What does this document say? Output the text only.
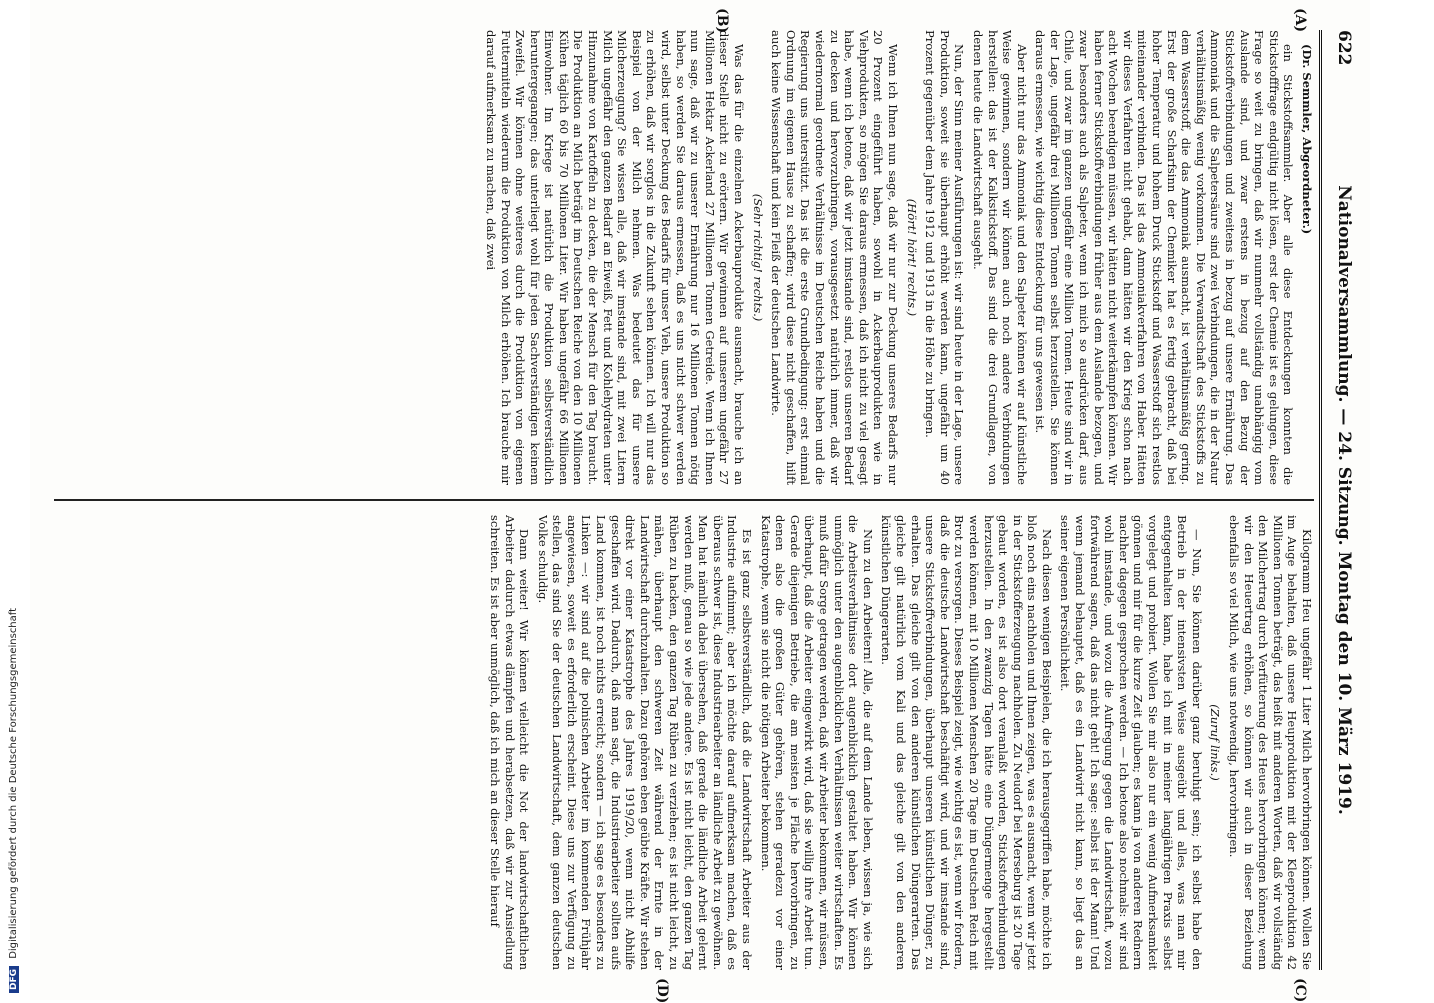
622
Nationalversammlung. — 24. Sitzung. Montag den 10. März 1919.
(A)
(B)
(C)
(D)

(Dr. Semmler, Abgeordneter.)

ein Stickstoffsammler. Aber alle diese Entdeckungen konnten die Stickstofffrage endgültig nicht lösen, erst der Chemie ist es gelungen, diese Frage so weit zu bringen, daß wir nunmehr vollständig unabhängig vom Auslande sind, und zwar erstens in bezug auf den Bezug der Stickstoffverbindungen und zweitens in bezug auf unsere Ernährung. Das Ammoniak und die Salpetersäure sind zwei Verbindungen, die in der Natur verhältnismäßig wenig vorkommen. Die Verwandtschaft des Stickstoffs zu dem Wasserstoff, die das Ammoniak ausmacht, ist verhältnismäßig gering. Erst der große Scharfsinn der Chemiker hat es fertig gebracht, daß bei hoher Temperatur und hohem Druck Stickstoff und Wasserstoff sich restlos miteinander verbinden. Das ist das Ammoniakverfahren von Haber. Hätten wir dieses Verfahren nicht gehabt, dann hätten wir den Krieg schon nach acht Wochen beendigen müssen, wir hätten nicht weiterkämpfen können. Wir haben ferner Stickstoffverbindungen früher aus dem Auslande bezogen, und zwar besonders auch als Salpeter, wenn ich mich so ausdrücken darf, aus Chile, und zwar im ganzen ungefähr eine Million Tonnen. Heute sind wir in der Lage, ungefähr drei Millionen Tonnen selbst herzustellen. Sie können daraus ermessen, wie wichtig diese Entdeckung für uns gewesen ist.

Aber nicht nur das Ammoniak und den Salpeter können wir auf künstliche Weise gewinnen, sondern wir können auch noch andere Verbindungen herstellen: das ist der Kalkstickstoff. Das sind die drei Grundlagen, von denen heute die Landwirtschaft ausgeht.

Nun, der Sinn meiner Ausführungen ist: wir sind heute in der Lage, unsere Produktion, soweit sie überhaupt erhöht werden kann, ungefähr um 40 Prozent gegenüber dem Jahre 1912 und 1913 in die Höhe zu bringen.

(Hört! hört! rechts.)

Wenn ich Ihnen nun sage, daß wir nur zur Deckung unseres Bedarfs nur 20 Prozent eingeführt haben, sowohl in Ackerbauprodukten wie in Viehprodukten, so mögen Sie daraus ermessen, daß ich nicht zu viel gesagt habe, wenn ich betone, daß wir jetzt imstande sind, restlos unseren Bedarf zu decken und hervorzubringen, vorausgesetzt natürlich immer, daß wir wiedernormal geordnete Verhältnisse im Deutschen Reiche haben und die Regierung uns unterstützt. Das ist die erste Grundbedingung: erst einmal Ordnung im eigenen Hause zu schaffen; wird diese nicht geschaffen, hilft auch keine Wissenschaft und kein Fleiß der deutschen Landwirte.

(Sehr richtig! rechts.)

Was das für die einzelnen Ackerbauprodukte ausmacht, brauche ich an dieser Stelle nicht zu erörtern. Wir gewinnen auf unserem ungefähr 27 Millionen Hektar Ackerland 27 Millionen Tonnen Getreide. Wenn ich Ihnen nun sage, daß wir zu unserer Ernährung nur 16 Millionen Tonnen nötig haben, so werden Sie daraus ermessen, daß es uns nicht schwer werden wird, selbst unter Deckung des Bedarfs für unser Vieh, unsere Produktion so zu erhöhen, daß wir sorglos in die Zukunft sehen können. Ich will nur das Beispiel von der Milch nehmen. Was bedeutet das für unsere Milcherzeugung? Sie wissen alle, daß wir imstande sind, mit zwei Litern Milch ungefähr den ganzen Bedarf an Eiweiß, Fett und Kohlehydraten unter Hinzunahme von Kartoffeln zu decken, die der Mensch für den Tag braucht. Die Produktion an Milch beträgt im Deutschen Reiche von den 10 Millionen Kühen täglich 60 bis 70 Millionen Liter. Wir haben ungefähr 66 Millionen Einwohner. Im Kriege ist natürlich die Produktion selbstverständlich heruntergegangen; das unterliegt wohl für jeden Sachverständigen keinem Zweifel. Wir können ohne weiteres durch die Produktion von eigenen Futtermitteln wiederum die Produktion von Milch erhöhen. Ich brauche mir darauf aufmerksam zu machen, daß zwei

Kilogramm Heu ungefähr 1 Liter Milch hervorbringen können. Wollen Sie im Auge behalten, daß unsere Heuproduktion mit der Kleeproduktion 42 Millionen Tonnen beträgt, das heißt mit anderen Worten, daß wir vollständig den Milchertrag durch Verfütterung des Heues hervorbringen können; wenn wir den Heuertrag erhöhen, so können wir auch in dieser Beziehung ebenfalls so viel Milch, wie uns notwendig, hervorbringen.

(Zuruf links.)

— Nun, Sie können darüber ganz beruhigt sein; ich selbst habe den Betrieb in der intensivsten Weise ausgeübt und alles, was man mir entgegenhalten kann, habe ich mit in meiner langjährigen Praxis selbst vorgelegt und probiert. Wollen Sie mir also nur ein wenig Aufmerksamkeit gönnen und mir für die kurze Zeit glauben; es kann ja von anderen Rednern nachher dagegen gesprochen werden. — Ich betone also nochmals: wir sind wohl imstande, und wozu die Aufregung gegen die Landwirtschaft, wozu fortwährend sagen, daß das nicht geht! Ich sage: selbst ist der Mann! Und wenn jemand behauptet, daß es ein Landwirt nicht kann, so liegt das an seiner eigenen Persönlichkeit.

Nach diesen wenigen Beispielen, die ich herausgegriffen habe, möchte ich bloß noch eins nachholen und Ihnen zeigen, was es ausmacht, wenn wir jetzt in der Stickstofferzeugung nachholen. Zu Neudorf bei Merseburg ist 20 Tage gebaut worden, es ist also dort veranlaßt worden, Stickstoffverbindungen herzustellen. In den zwanzig Tagen hätte eine Düngermenge hergestellt werden können, mit 10 Millionen Menschen 20 Tage im Deutschen Reich mit Brot zu versorgen. Dieses Beispiel zeigt, wie wichtig es ist, wenn wir fordern, daß die deutsche Landwirtschaft beschäftigt wird, und wir imstande sind, unsere Stickstoffverbindungen, überhaupt unseren künstlichen Dünger, zu erhalten. Das gleiche gilt von den anderen künstlichen Düngerarten. Das gleiche gilt natürlich vom Kali und das gleiche gilt von den anderen künstlichen Düngerarten.

Nun zu den Arbeitern! Alle, die auf dem Lande leben, wissen ja, wie sich die Arbeitsverhältnisse dort augenblicklich gestaltet haben. Wir können unmöglich unter den augenblicklichen Verhältnissen weiter wirtschaften. Es muß dafür Sorge getragen werden, daß wir Arbeiter bekommen, wir müssen, überhaupt, daß die Arbeiter eingewirkt wird, daß sie willig ihre Arbeit tun. Gerade diejenigen Betriebe, die am meisten je Fläche hervorbringen, zu denen also die großen Güter gehören, stehen geradezu vor einer Katastrophe, wenn sie nicht die nötigen Arbeiter bekommen.

Es ist ganz selbstverständlich, daß die Landwirtschaft Arbeiter aus der Industrie aufnimmt; aber ich möchte darauf aufmerksam machen, daß es überaus schwer ist, diese Industriearbeiter an ländliche Arbeit zu gewöhnen. Man hat nämlich dabei übersehen, daß gerade die ländliche Arbeit gelernt werden muß, genau so wie jede andere. Es ist nicht leicht, den ganzen Tag Rüben zu hacken, den ganzen Tag Rüben zu verziehen; es ist nicht leicht, zu mähen, überhaupt den schweren Zeit während der Ernte in der Landwirtschaft durchzuhalten. Dazu gehören eben geübte Kräfte. Wir stehen direkt vor einer Katastrophe des Jahres 1919/20, wenn nicht Abhilfe geschaffen wird. Dadurch, daß man sagt, die Industriearbeiter sollten aufs Land kommen, ist noch nichts erreicht; sondern — ich sage es besonders zu Linken —: wir sind auf die polnischen Arbeiter im kommenden Frühjahr angewiesen, soweit es erforderlich erscheint. Diese uns zur Verfügung zu stellen, das sind Sie der deutschen Landwirtschaft, dem ganzen deutschen Volke schuldig.

Dann weiter! Wir können vielleicht die Not der landwirtschaftlichen Arbeiter dadurch etwas dämpfen und herabsetzen, daß wir zur Ansiedlung schreiten. Es ist aber unmöglich, daß ich mich an dieser Stelle hierauf

DFG Digitalisierung gefördert durch die Deutsche Forschungsgemeinschaft
